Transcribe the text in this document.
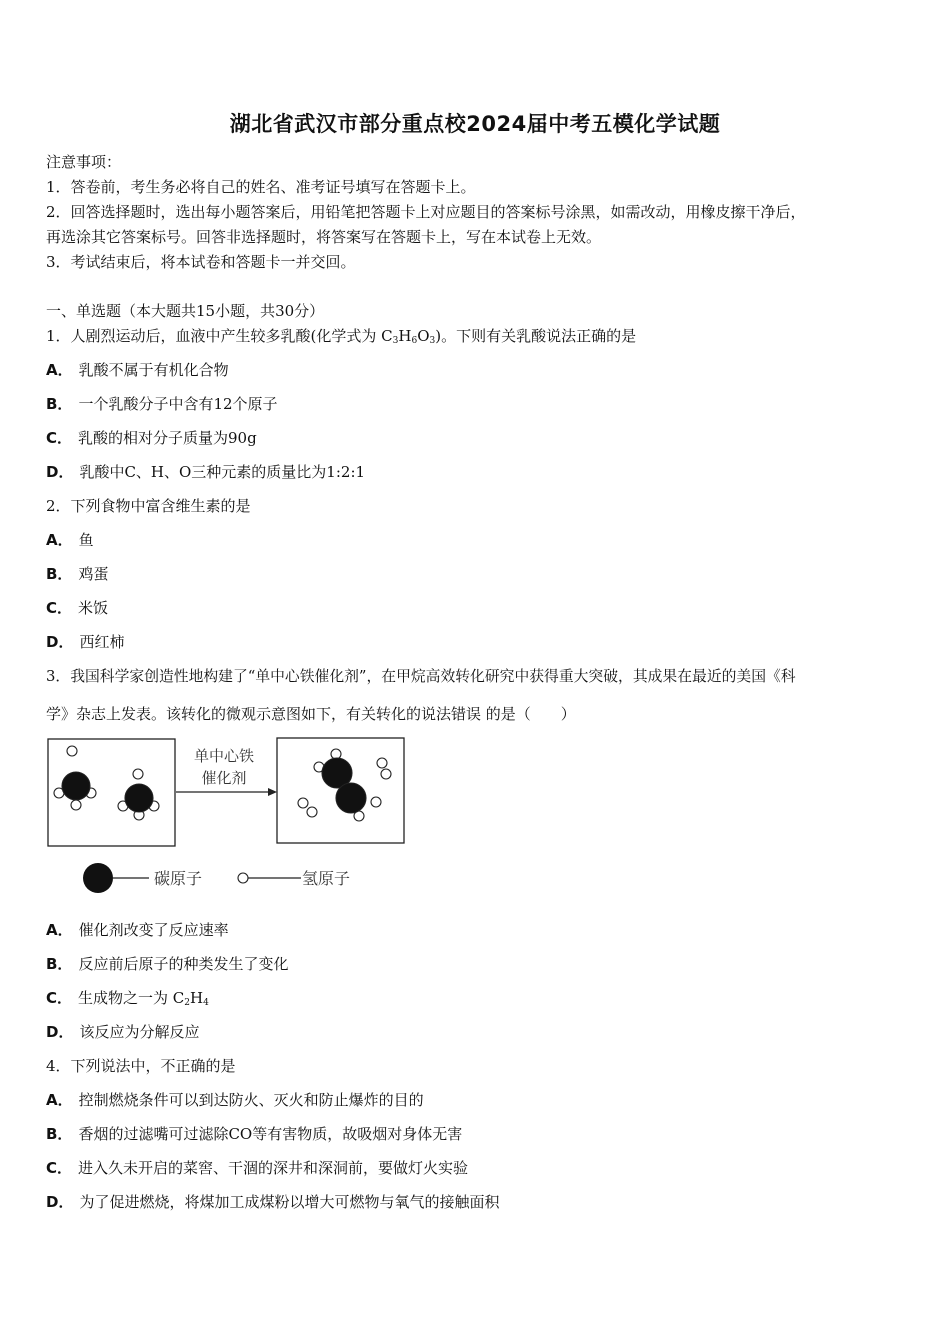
湖北省武汉市部分重点校2024届中考五模化学试题
注意事项：
1．答卷前，考生务必将自己的姓名、准考证号填写在答题卡上。
2．回答选择题时，选出每小题答案后，用铅笔把答题卡上对应题目的答案标号涂黑，如需改动，用橡皮擦干净后，
再选涂其它答案标号。回答非选择题时，将答案写在答题卡上，写在本试卷上无效。
3．考试结束后，将本试卷和答题卡一并交回。
一、单选题（本大题共15小题，共30分）
1．人剧烈运动后，血液中产生较多乳酸(化学式为 $C_3H_6O_3$)。下则有关乳酸说法正确的是
A． 乳酸不属于有机化合物
B． 一个乳酸分子中含有12个原子
C． 乳酸的相对分子质量为90g
D． 乳酸中C、H、O三种元素的质量比为1:2:1
2．下列食物中富含维生素的是
A． 鱼
B． 鸡蛋
C． 米饭
D． 西红柿
3．我国科学家创造性地构建了“单中心铁催化剂”，在甲烷高效转化研究中获得重大突破，其成果在最近的美国《科
学》杂志上发表。该转化的微观示意图如下，有关转化的说法错误 的是（　　）
单中心铁
催化剂
碳原子	氢原子
A． 催化剂改变了反应速率
B． 反应前后原子的种类发生了变化
C． 生成物之一为 $C_2H_4$
D． 该反应为分解反应
4．下列说法中，不正确的是
A． 控制燃烧条件可以到达防火、灭火和防止爆炸的目的
B． 香烟的过滤嘴可过滤除CO等有害物质，故吸烟对身体无害
C． 进入久未开启的菜窖、干涸的深井和深洞前，要做灯火实验
D． 为了促进燃烧，将煤加工成煤粉以增大可燃物与氧气的接触面积
